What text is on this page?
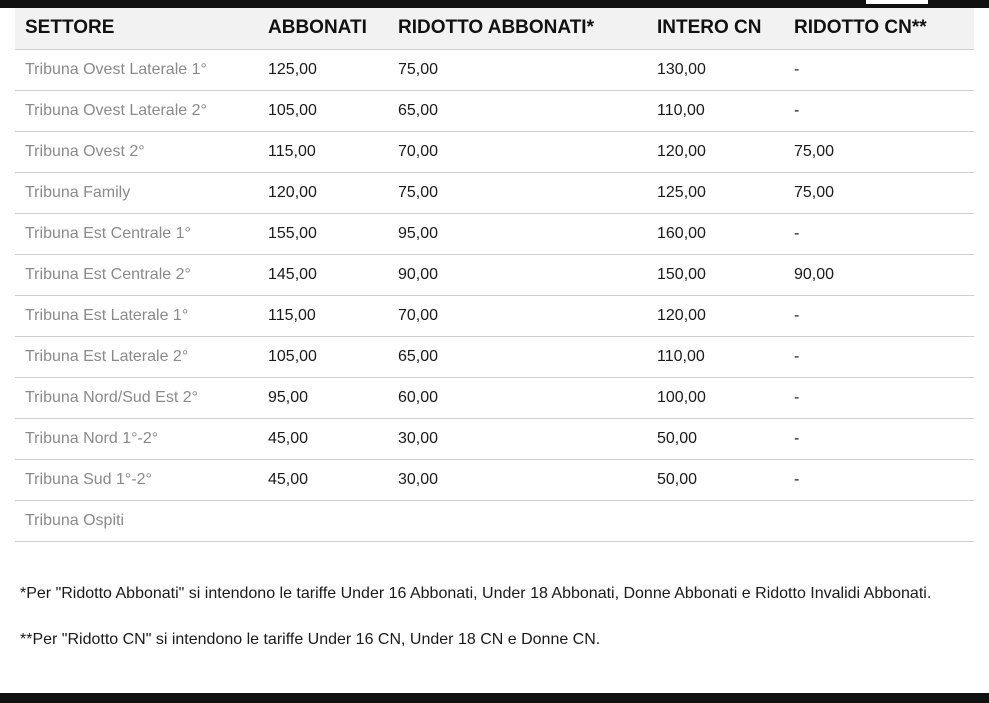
SETTORE	ABBONATI	RIDOTTO ABBONATI*	INTERO CN	RIDOTTO CN**
Tribuna Ovest Laterale 1°	125,00	75,00	130,00	-
Tribuna Ovest Laterale 2°	105,00	65,00	110,00	-
Tribuna Ovest 2°	115,00	70,00	120,00	75,00
Tribuna Family	120,00	75,00	125,00	75,00
Tribuna Est Centrale 1°	155,00	95,00	160,00	-
Tribuna Est Centrale 2°	145,00	90,00	150,00	90,00
Tribuna Est Laterale 1°	115,00	70,00	120,00	-
Tribuna Est Laterale 2°	105,00	65,00	110,00	-
Tribuna Nord/Sud Est 2°	95,00	60,00	100,00	-
Tribuna Nord 1°-2°	45,00	30,00	50,00	-
Tribuna Sud 1°-2°	45,00	30,00	50,00	-
Tribuna Ospiti				

*Per "Ridotto Abbonati" si intendono le tariffe Under 16 Abbonati, Under 18 Abbonati, Donne Abbonati e Ridotto Invalidi Abbonati.

**Per "Ridotto CN" si intendono le tariffe Under 16 CN, Under 18 CN e Donne CN.
